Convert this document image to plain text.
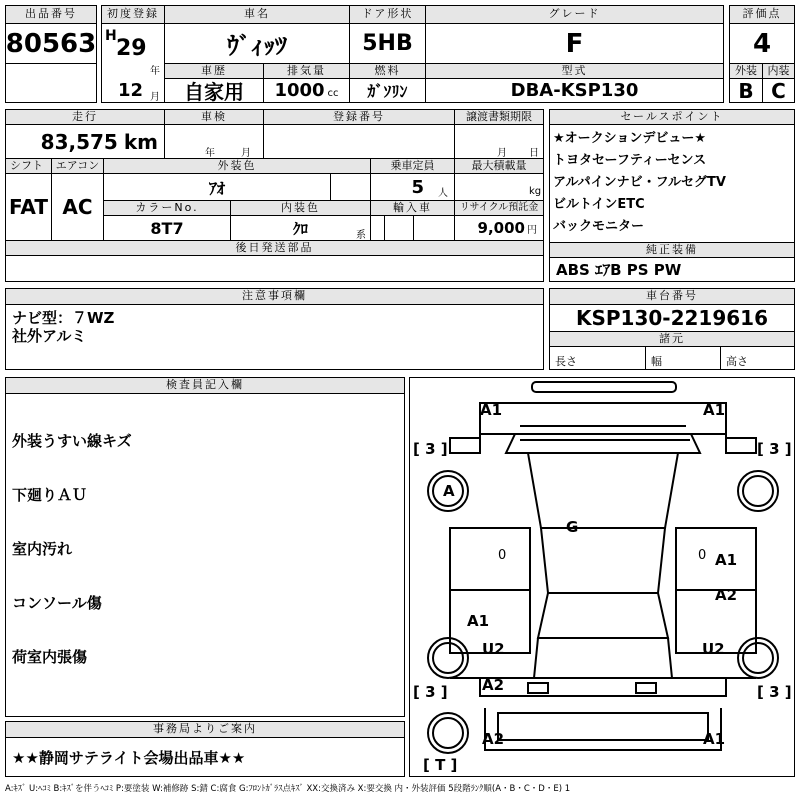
出品番号
80563
初度登録
H 29
年
12 月
車名
ｳﾞｨｯﾂ
ドア形状
5HB
グレード
F
評価点
4
車歴
自家用
排気量
1000 cc
燃料
ｶﾞｿﾘﾝ
型式
DBA-KSP130
外装 内装
B C
走行
83,575 km
車検
年	月
登録番号	譲渡書類期限
月 日
シフト
FAT
エアコン
AC
外装色
ｱｵ
乗車定員
5 人
最大積載量
kg
カラーNo.
8T7
内装色
ｸﾛ	系
輸入車	リサイクル預託金
9,000 円
後日発送部品
セールスポイント
★オークションデビュー★
トヨタセーフティーセンス
アルパインナビ・フルセグTV
ビルトインETC
バックモニター
純正装備
ABS ｴｱB PS PW
注意事項欄
ナビ型：７WZ
社外アルミ
車台番号
KSP130-2219616
諸元
長さ	幅	高さ
検査員記入欄

外装うすい線キズ

下廻りＡＵ

室内汚れ

コンソール傷

荷室内張傷

事務局よりご案内
★★静岡サテライト会場出品車★★
A1	A1
[ 3 ]	[ 3 ]
[ 3 ]	[ 3 ]
A
G
0	0 A1
A2
A1
U2	U2
A2
A2	A1
[ T ]
A:ｷｽﾞ U:ﾍｺﾐ B:ｷｽﾞを伴うﾍｺﾐ P:要塗装 W:補修跡 S:錆 C:腐食 G:ﾌﾛﾝﾄｶﾞﾗｽ点ｷｽﾞ XX:交換済み X:要交換 内・外装評価 5段階ﾗﾝｸ順(A・B・C・D・E) 1
